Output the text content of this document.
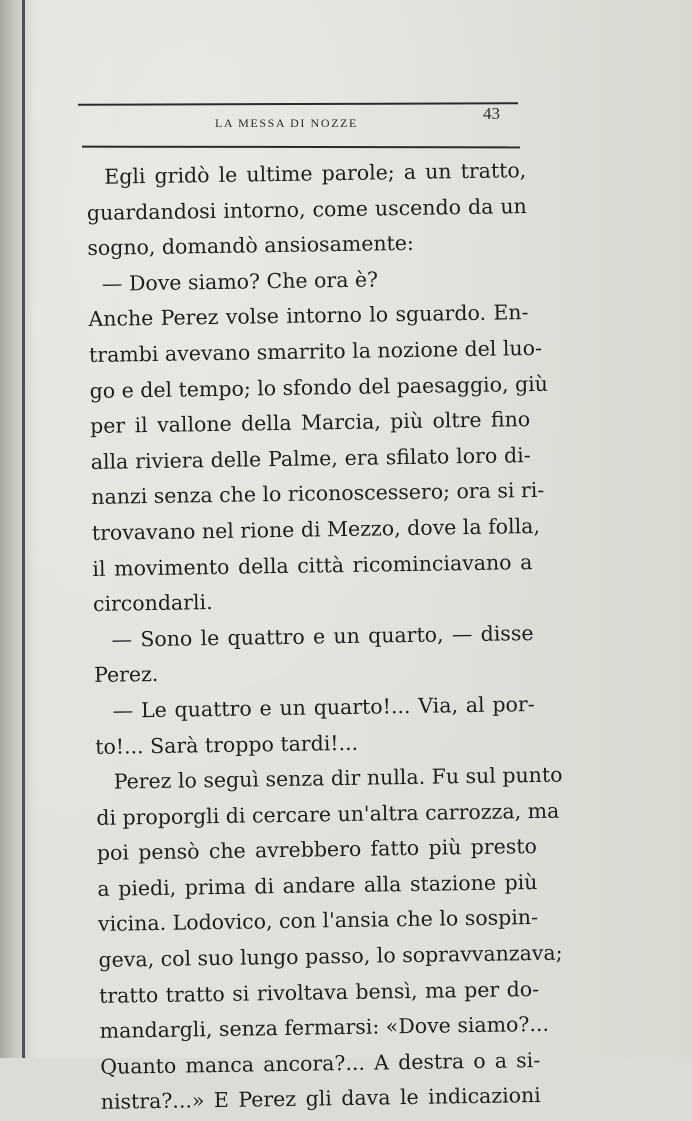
LA MESSA DI NOZZE	43
Egli gridò le ultime parole; a un tratto,
guardandosi intorno, come uscendo da un
sogno, domandò ansiosamente:
— Dove siamo? Che ora è?
Anche Perez volse intorno lo sguardo. En-
trambi avevano smarrito la nozione del luo-
go e del tempo; lo sfondo del paesaggio, giù
per il vallone della Marcia, più oltre fino
alla riviera delle Palme, era sfilato loro di-
nanzi senza che lo riconoscessero; ora si ri-
trovavano nel rione di Mezzo, dove la folla,
il movimento della città ricominciavano a
circondarli.
— Sono le quattro e un quarto, — disse
Perez.
— Le quattro e un quarto!... Via, al por-
to!... Sarà troppo tardi!...
Perez lo seguì senza dir nulla. Fu sul punto
di proporgli di cercare un'altra carrozza, ma
poi pensò che avrebbero fatto più presto
a piedi, prima di andare alla stazione più
vicina. Lodovico, con l'ansia che lo sospin-
geva, col suo lungo passo, lo sopravvanzava;
tratto tratto si rivoltava bensì, ma per do-
mandargli, senza fermarsi: «Dove siamo?...
Quanto manca ancora?... A destra o a si-
nistra?...» E Perez gli dava le indicazioni
